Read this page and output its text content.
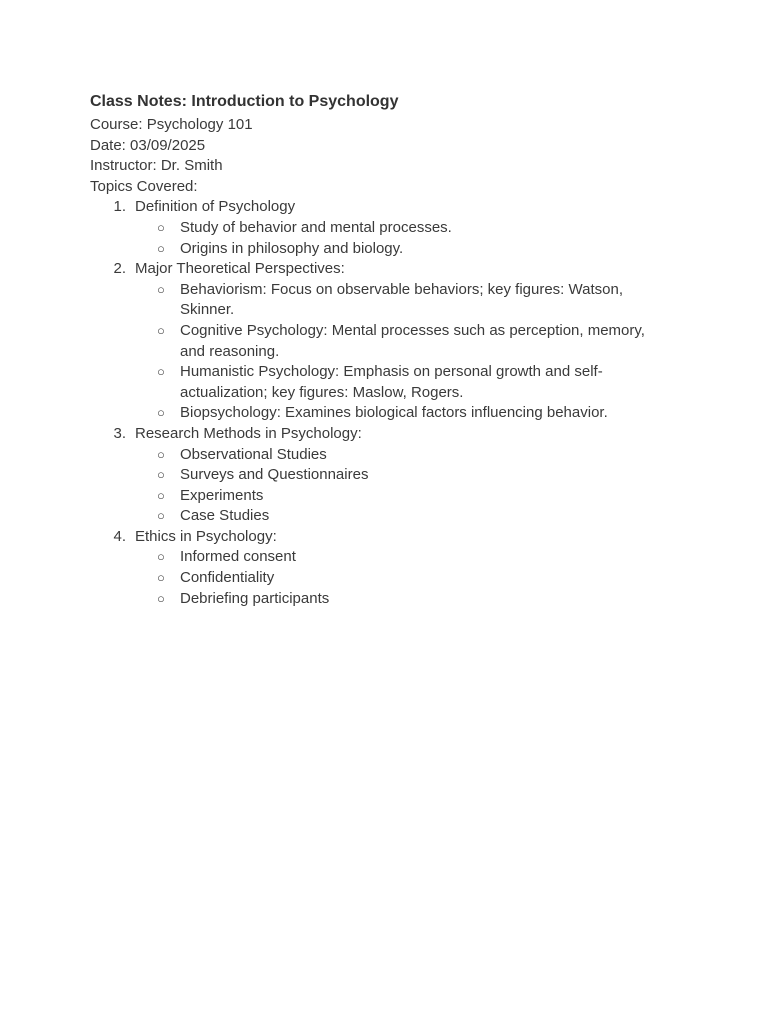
Class Notes: Introduction to Psychology
Course: Psychology 101
Date: 03/09/2025
Instructor: Dr. Smith
Topics Covered:
1. Definition of Psychology
○ Study of behavior and mental processes.
○ Origins in philosophy and biology.
2. Major Theoretical Perspectives:
○ Behaviorism: Focus on observable behaviors; key figures: Watson, Skinner.
○ Cognitive Psychology: Mental processes such as perception, memory, and reasoning.
○ Humanistic Psychology: Emphasis on personal growth and self-actualization; key figures: Maslow, Rogers.
○ Biopsychology: Examines biological factors influencing behavior.
3. Research Methods in Psychology:
○ Observational Studies
○ Surveys and Questionnaires
○ Experiments
○ Case Studies
4. Ethics in Psychology:
○ Informed consent
○ Confidentiality
○ Debriefing participants
